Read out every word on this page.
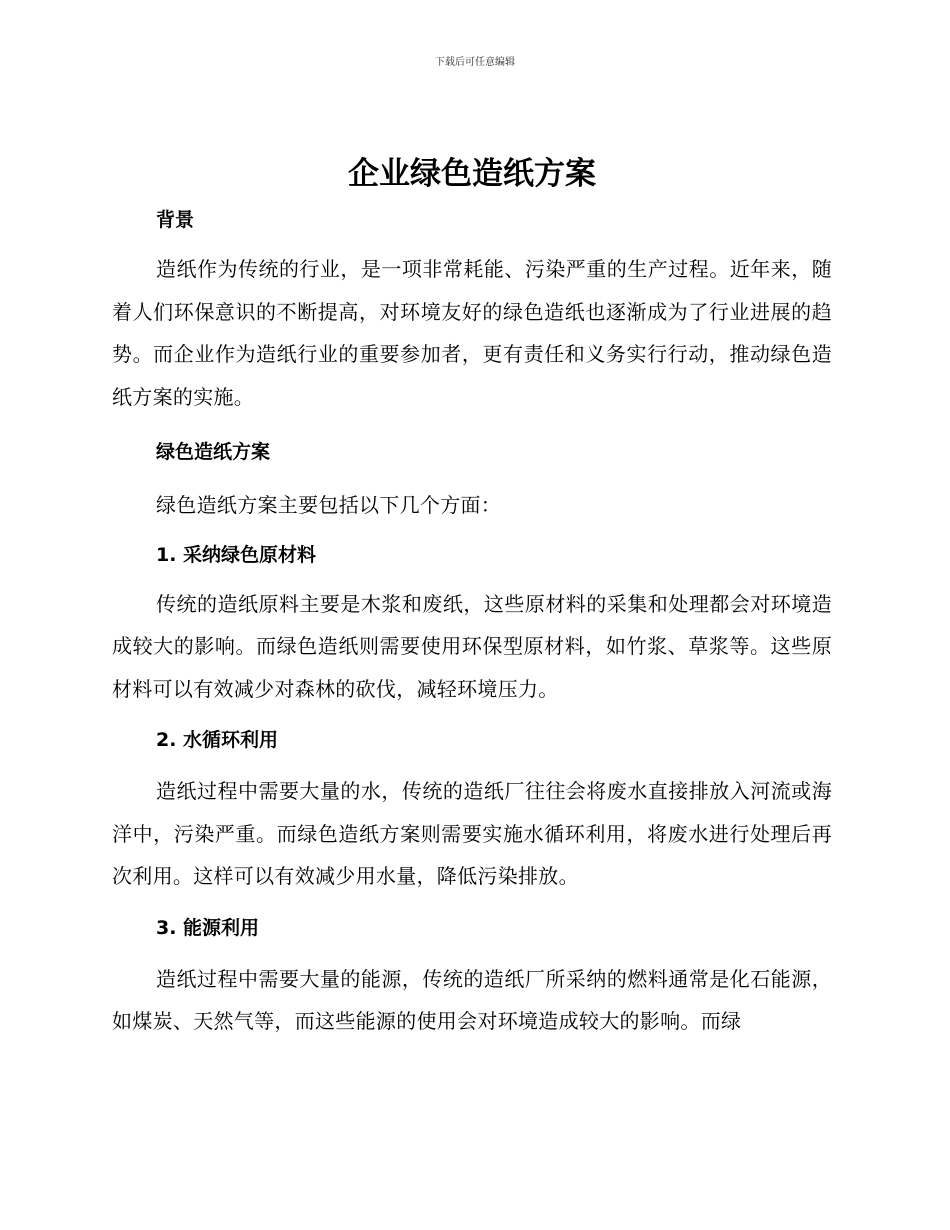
下载后可任意编辑
企业绿色造纸方案
背景

造纸作为传统的行业，是一项非常耗能、污染严重的生产过程。近年来，随着人们环保意识的不断提高，对环境友好的绿色造纸也逐渐成为了行业进展的趋势。而企业作为造纸行业的重要参加者，更有责任和义务实行行动，推动绿色造纸方案的实施。

绿色造纸方案

绿色造纸方案主要包括以下几个方面：

1. 采纳绿色原材料

传统的造纸原料主要是木浆和废纸，这些原材料的采集和处理都会对环境造成较大的影响。而绿色造纸则需要使用环保型原材料，如竹浆、草浆等。这些原材料可以有效减少对森林的砍伐，减轻环境压力。

2. 水循环利用

造纸过程中需要大量的水，传统的造纸厂往往会将废水直接排放入河流或海洋中，污染严重。而绿色造纸方案则需要实施水循环利用，将废水进行处理后再次利用。这样可以有效减少用水量，降低污染排放。

3. 能源利用

造纸过程中需要大量的能源，传统的造纸厂所采纳的燃料通常是化石能源，如煤炭、天然气等，而这些能源的使用会对环境造成较大的影响。而绿
